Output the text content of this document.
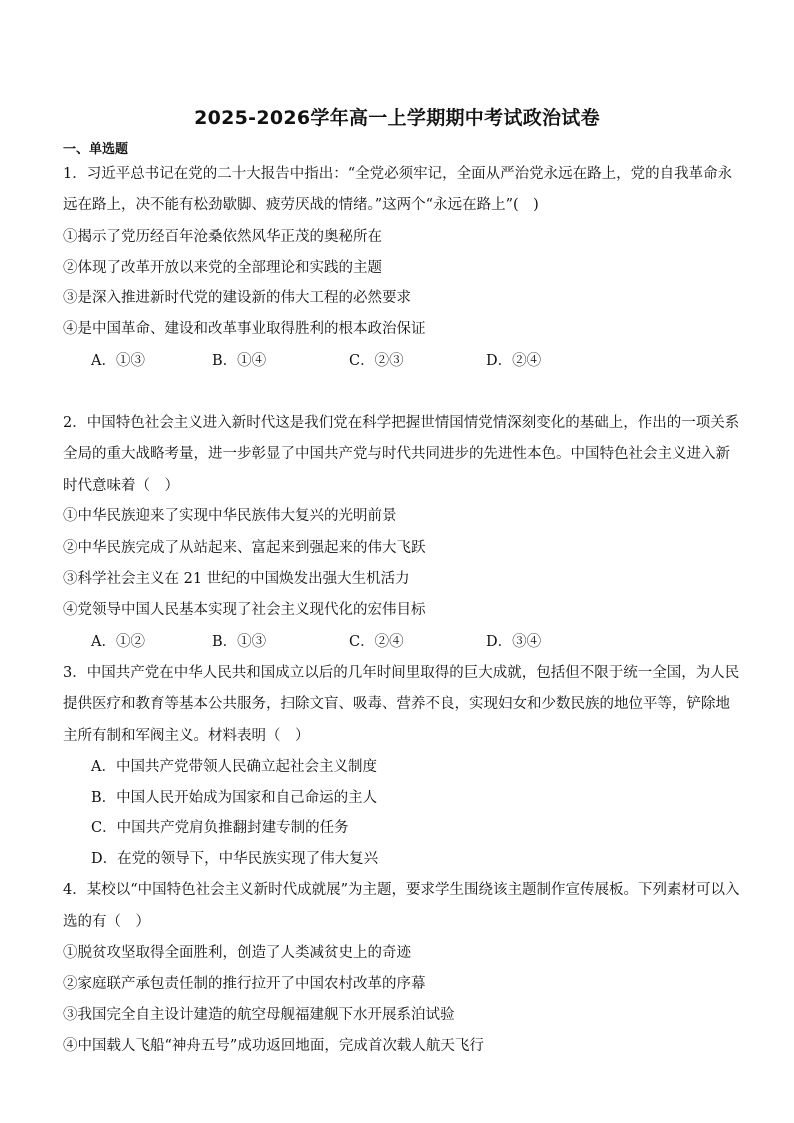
2025-2026学年高一上学期期中考试政治试卷
一、单选题
1．习近平总书记在党的二十大报告中指出：“全党必须牢记，全面从严治党永远在路上，党的自我革命永
远在路上，决不能有松劲歇脚、疲劳厌战的情绪。”这两个“永远在路上”(　)
①揭示了党历经百年沧桑依然风华正茂的奥秘所在
②体现了改革开放以来党的全部理论和实践的主题
③是深入推进新时代党的建设新的伟大工程的必然要求
④是中国革命、建设和改革事业取得胜利的根本政治保证
A．①③	B．①④	C．②③	D．②④
2．中国特色社会主义进入新时代这是我们党在科学把握世情国情党情深刻变化的基础上，作出的一项关系
全局的重大战略考量，进一步彰显了中国共产党与时代共同进步的先进性本色。中国特色社会主义进入新
时代意味着（　）
①中华民族迎来了实现中华民族伟大复兴的光明前景
②中华民族完成了从站起来、富起来到强起来的伟大飞跃
③科学社会主义在 21 世纪的中国焕发出强大生机活力
④党领导中国人民基本实现了社会主义现代化的宏伟目标
A．①②	B．①③	C．②④	D．③④
3．中国共产党在中华人民共和国成立以后的几年时间里取得的巨大成就，包括但不限于统一全国，为人民
提供医疗和教育等基本公共服务，扫除文盲、吸毒、营养不良，实现妇女和少数民族的地位平等，铲除地
主所有制和军阀主义。材料表明（　）
A．中国共产党带领人民确立起社会主义制度
B．中国人民开始成为国家和自己命运的主人
C．中国共产党肩负推翻封建专制的任务
D．在党的领导下，中华民族实现了伟大复兴
4．某校以“中国特色社会主义新时代成就展”为主题，要求学生围绕该主题制作宣传展板。下列素材可以入
选的有（　）
①脱贫攻坚取得全面胜利，创造了人类减贫史上的奇迹
②家庭联产承包责任制的推行拉开了中国农村改革的序幕
③我国完全自主设计建造的航空母舰福建舰下水开展系泊试验
④中国载人飞船“神舟五号”成功返回地面，完成首次载人航天飞行
